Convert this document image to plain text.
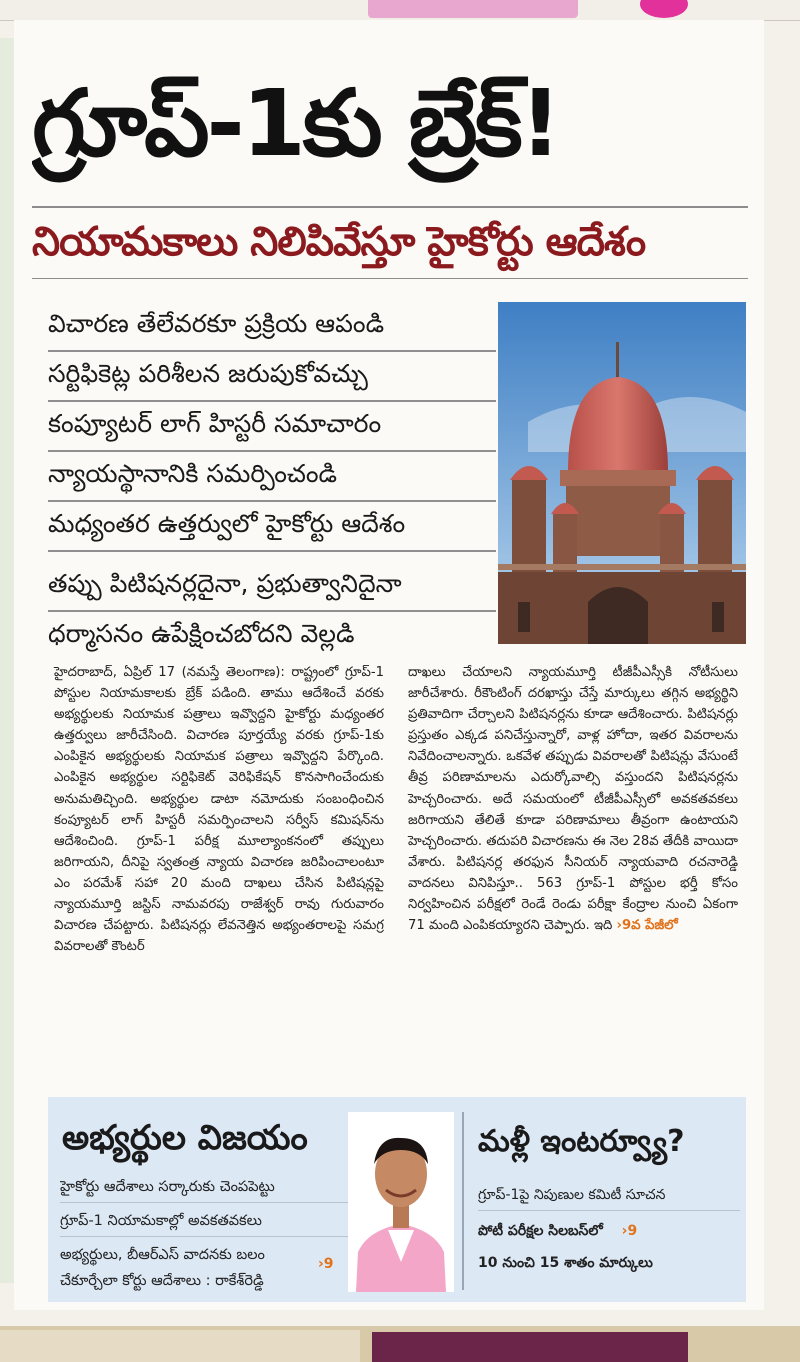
గ్రూప్-1కు బ్రేక్!
నియామకాలు నిలిపివేస్తూ హైకోర్టు ఆదేశం
విచారణ తేలేవరకూ ప్రక్రియ ఆపండి
సర్టిఫికెట్ల పరిశీలన జరుపుకోవచ్చు
కంప్యూటర్ లాగ్ హిస్టరీ సమాచారం
న్యాయస్థానానికి సమర్పించండి
మధ్యంతర ఉత్తర్వులో హైకోర్టు ఆదేశం
తప్పు పిటిషనర్లదైనా, ప్రభుత్వానిదైనా
ధర్మాసనం ఉపేక్షించబోదని వెల్లడి
హైదరాబాద్, ఏప్రిల్ 17 (నమస్తే తెలంగాణ): రాష్ట్రంలో గ్రూప్-1 పోస్టుల నియామకాలకు బ్రేక్ పడింది. తాము ఆదేశించే వరకు అభ్యర్థులకు నియామక పత్రాలు ఇవ్వొద్దని హైకోర్టు మధ్యంతర ఉత్తర్వులు జారీచేసింది. విచారణ పూర్తయ్యే వరకు గ్రూప్-1కు ఎంపికైన అభ్యర్థులకు నియామక పత్రాలు ఇవ్వొద్దని పేర్కొంది. ఎంపికైన అభ్యర్థుల సర్టిఫికెట్ వెరిఫికేషన్ కొనసాగించేందుకు అనుమతిచ్చింది. అభ్యర్థుల డాటా నమోదుకు సంబంధించిన కంప్యూటర్ లాగ్ హిస్టరీ సమర్పించాలని సర్వీస్ కమిషన్‌ను ఆదేశించింది. గ్రూప్-1 పరీక్ష మూల్యాంకనంలో తప్పులు జరిగాయని, దీనిపై స్వతంత్ర న్యాయ విచారణ జరిపించాలంటూ ఎం పరమేశ్ సహా 20 మంది దాఖలు చేసిన పిటిషన్లపై న్యాయమూర్తి జస్టిస్ నామవరపు రాజేశ్వర్ రావు గురువారం విచారణ చేపట్టారు. పిటిషనర్లు లేవనెత్తిన అభ్యంతరాలపై సమగ్ర వివరాలతో కౌంటర్
దాఖలు చేయాలని న్యాయమూర్తి టీజీపీఎస్సీకి నోటీసులు జారీచేశారు. రీకౌంటింగ్ దరఖాస్తు చేస్తే మార్కులు తగ్గిన అభ్యర్థిని ప్రతివాదిగా చేర్చాలని పిటిషనర్లను కూడా ఆదేశించారు. పిటిషనర్లు ప్రస్తుతం ఎక్కడ పనిచేస్తున్నారో, వాళ్ల హోదా, ఇతర వివరాలను నివేదించాలన్నారు. ఒకవేళ తప్పుడు వివరాలతో పిటిషన్లు వేసుంటే తీవ్ర పరిణామాలను ఎదుర్కోవాల్సి వస్తుందని పిటిషనర్లను హెచ్చరించారు. అదే సమయంలో టీజీపీఎస్సీలో అవకతవకలు జరిగాయని తేలితే కూడా పరిణామాలు తీవ్రంగా ఉంటాయని హెచ్చరించారు. తదుపరి విచారణను ఈ నెల 28వ తేదీకి వాయిదా వేశారు. పిటిషనర్ల తరఫున సీనియర్ న్యాయవాది రచనారెడ్డి వాదనలు వినిపిస్తూ.. 563 గ్రూప్-1 పోస్టుల భర్తీ కోసం నిర్వహించిన పరీక్షలో రెండే రెండు పరీక్షా కేంద్రాల నుంచి ఏకంగా 71 మంది ఎంపికయ్యారని చెప్పారు. ఇది ›9వ పేజీలో
అభ్యర్థుల విజయం
హైకోర్టు ఆదేశాలు సర్కారుకు చెంపపెట్టు
గ్రూప్-1 నియామకాల్లో అవకతవకలు
అభ్యర్థులు, బీఆర్ఎస్ వాదనకు బలం
చేకూర్చేలా కోర్టు ఆదేశాలు : రాకేశ్‌రెడ్డి
›9
మళ్లీ ఇంటర్వ్యూ?
గ్రూప్-1పై నిపుణుల కమిటీ సూచన
పోటీ పరీక్షల సిలబస్‌లో ›9
10 నుంచి 15 శాతం మార్కులు
